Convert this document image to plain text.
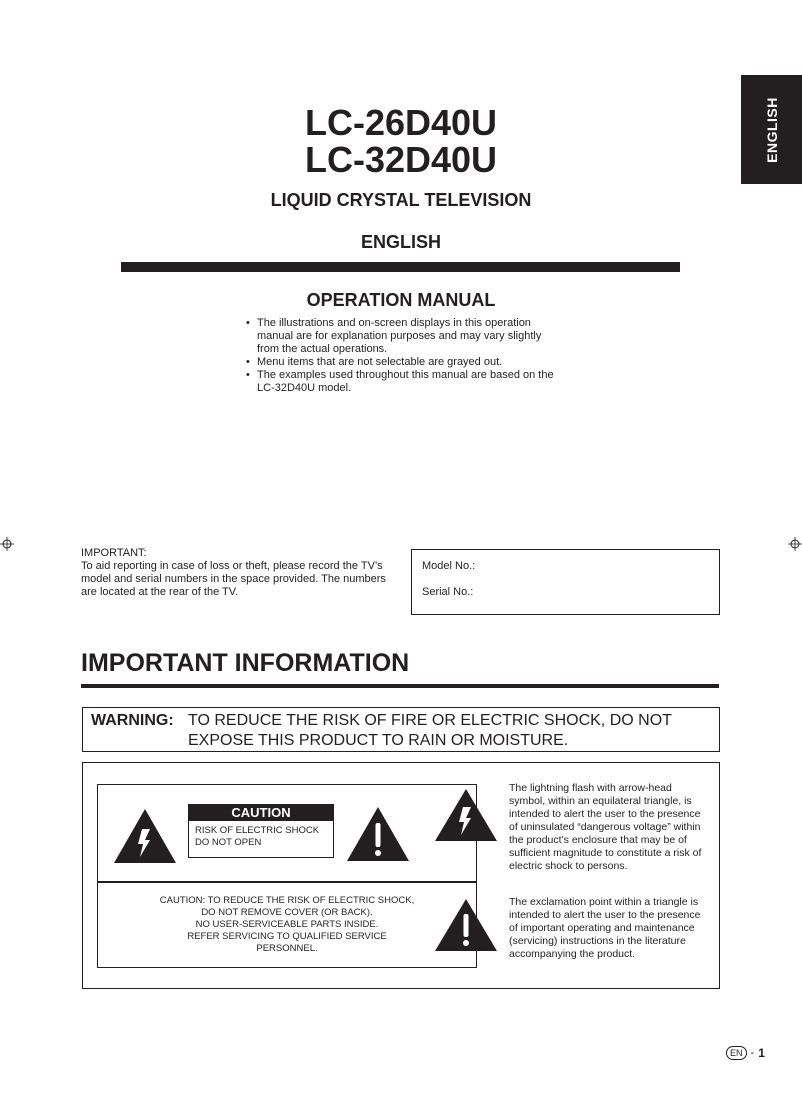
ENGLISH
LC-26D40U
LC-32D40U
LIQUID CRYSTAL TELEVISION
ENGLISH
OPERATION MANUAL
• The illustrations and on-screen displays in this operation manual are for explanation purposes and may vary slightly from the actual operations.
• Menu items that are not selectable are grayed out.
• The examples used throughout this manual are based on the LC-32D40U model.
IMPORTANT:
To aid reporting in case of loss or theft, please record the TV’s model and serial numbers in the space provided. The numbers are located at the rear of the TV.
Model No.:
Serial No.:
IMPORTANT INFORMATION
WARNING: TO REDUCE THE RISK OF FIRE OR ELECTRIC SHOCK, DO NOT EXPOSE THIS PRODUCT TO RAIN OR MOISTURE.
CAUTION
RISK OF ELECTRIC SHOCK
DO NOT OPEN
CAUTION: TO REDUCE THE RISK OF ELECTRIC SHOCK,
DO NOT REMOVE COVER (OR BACK).
NO USER-SERVICEABLE PARTS INSIDE.
REFER SERVICING TO QUALIFIED SERVICE
PERSONNEL.
The lightning flash with arrow-head symbol, within an equilateral triangle, is intended to alert the user to the presence of uninsulated “dangerous voltage” within the product’s enclosure that may be of sufficient magnitude to constitute a risk of electric shock to persons.
The exclamation point within a triangle is intended to alert the user to the presence of important operating and maintenance (servicing) instructions in the literature accompanying the product.
EN - 1
